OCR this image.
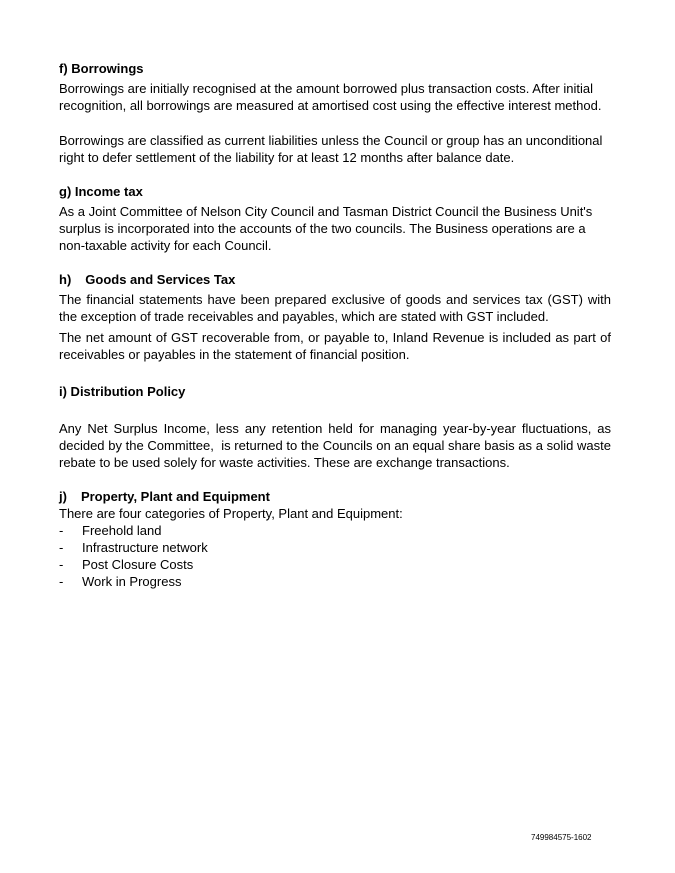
f) Borrowings

Borrowings are initially recognised at the amount borrowed plus transaction costs. After initial recognition, all borrowings are measured at amortised cost using the effective interest method.

Borrowings are classified as current liabilities unless the Council or group has an unconditional right to defer settlement of the liability for at least 12 months after balance date.

g) Income tax

As a Joint Committee of Nelson City Council and Tasman District Council the Business Unit's surplus is incorporated into the accounts of the two councils. The Business operations are a non-taxable activity for each Council.

h) Goods and Services Tax

The financial statements have been prepared exclusive of goods and services tax (GST) with the exception of trade receivables and payables, which are stated with GST included.

The net amount of GST recoverable from, or payable to, Inland Revenue is included as part of receivables or payables in the statement of financial position.

i) Distribution Policy

Any Net Surplus Income, less any retention held for managing year-by-year fluctuations, as decided by the Committee,  is returned to the Councils on an equal share basis as a solid waste rebate to be used solely for waste activities. These are exchange transactions.

j) Property, Plant and Equipment

There are four categories of Property, Plant and Equipment:

- Freehold land
- Infrastructure network
- Post Closure Costs
- Work in Progress
749984575-1602
